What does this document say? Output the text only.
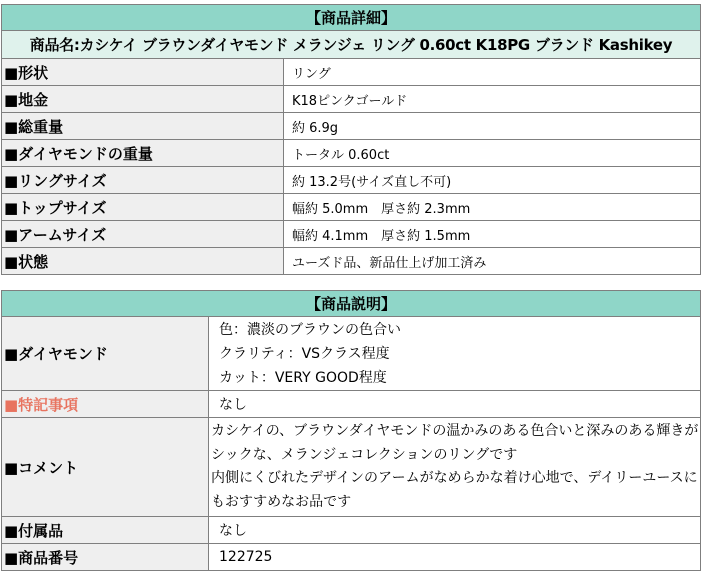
【商品詳細】	
商品名:カシケイ ブラウンダイヤモンド メランジェ リング 0.60ct K18PG ブランド Kashikey	
■形状	リング
■地金	K18ピンクゴールド
■総重量	約 6.9g
■ダイヤモンドの重量	トータル 0.60ct
■リングサイズ	約 13.2号(サイズ直し不可)
■トップサイズ	幅約 5.0mm　厚さ約 2.3mm
■アームサイズ	幅約 4.1mm　厚さ約 1.5mm
■状態	ユーズド品、新品仕上げ加工済み
【商品説明】	
■ダイヤモンド	色：濃淡のブラウンの色合い
クラリティ：VSクラス程度
カット：VERY GOOD程度

■特記事項	なし
■コメント	カシケイの、ブラウンダイヤモンドの温かみのある色合いと深みのある輝きがシックな、メランジェコレクションのリングです
内側にくびれたデザインのアームがなめらかな着け心地で、デイリーユースにもおすすめなお品です

■付属品	なし
■商品番号	122725
